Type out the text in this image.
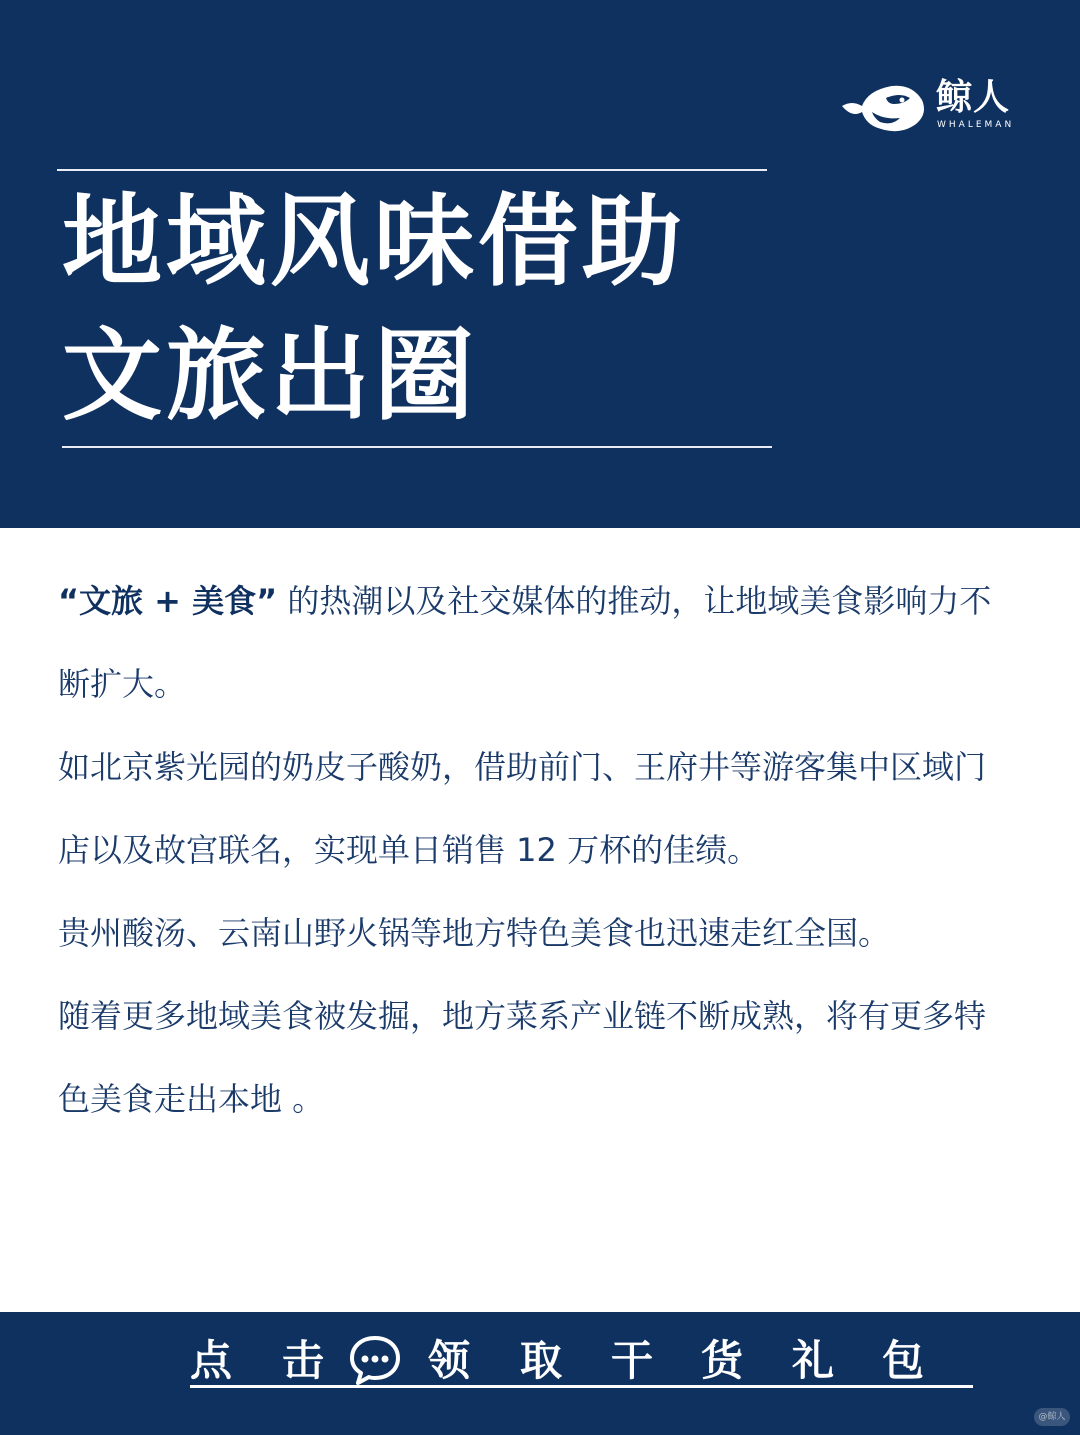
鲸人
WHALEMAN
地域风味借助
文旅出圈

“文旅 + 美食” 的热潮以及社交媒体的推动，让地域美食影响力不断扩大。

如北京紫光园的奶皮子酸奶，借助前门、王府井等游客集中区域门店以及故宫联名，实现单日销售 12 万杯的佳绩。

贵州酸汤、云南山野火锅等地方特色美食也迅速走红全国。

随着更多地域美食被发掘，地方菜系产业链不断成熟，将有更多特色美食走出本地 。

点 击 领 取 干 货 礼 包
@鲸人
